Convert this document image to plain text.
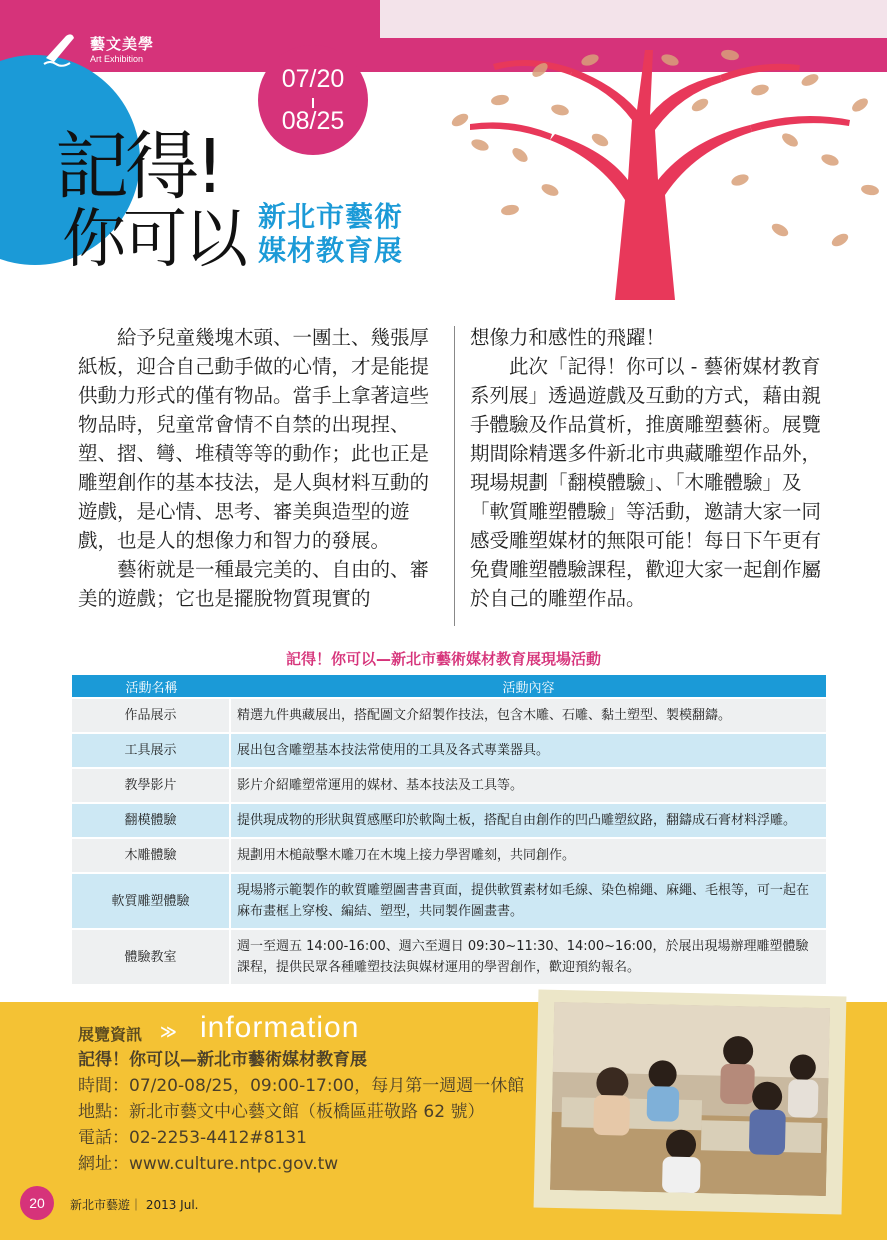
藝文美學
Art Exhibition
07/20
08/25
記得!
你可以 新北市藝術
媒材教育展

給予兒童幾塊木頭、一團土、幾張厚紙板，迎合自己動手做的心情，才是能提供動力形式的僅有物品。當手上拿著這些物品時，兒童常會情不自禁的出現捏、塑、摺、彎、堆積等等的動作；此也正是雕塑創作的基本技法，是人與材料互動的遊戲，是心情、思考、審美與造型的遊戲，也是人的想像力和智力的發展。

藝術就是一種最完美的、自由的、審美的遊戲；它也是擺脫物質現實的

想像力和感性的飛躍！

此次「記得！你可以 - 藝術媒材教育系列展」透過遊戲及互動的方式，藉由親手體驗及作品賞析，推廣雕塑藝術。展覽期間除精選多件新北市典藏雕塑作品外，現場規劃「翻模體驗」、「木雕體驗」及「軟質雕塑體驗」等活動，邀請大家一同感受雕塑媒材的無限可能！每日下午更有免費雕塑體驗課程，歡迎大家一起創作屬於自己的雕塑作品。

記得！你可以—新北市藝術媒材教育展現場活動
活動名稱	活動內容
作品展示	精選九件典藏展出，搭配圖文介紹製作技法，包含木雕、石雕、黏土塑型、製模翻鑄。
工具展示	展出包含雕塑基本技法常使用的工具及各式專業器具。
教學影片	影片介紹雕塑常運用的媒材、基本技法及工具等。
翻模體驗	提供現成物的形狀與質感壓印於軟陶土板，搭配自由創作的凹凸雕塑紋路，翻鑄成石膏材料浮雕。
木雕體驗	規劃用木槌敲擊木雕刀在木塊上接力學習雕刻，共同創作。
軟質雕塑體驗	現場將示範製作的軟質雕塑圖書書頁面，提供軟質素材如毛線、染色棉繩、麻繩、毛根等，可一起在麻布畫框上穿梭、編結、塑型，共同製作圖畫書。
體驗教室	週一至週五 14:00-16:00、週六至週日 09:30~11:30、14:00~16:00，於展出現場辦理雕塑體驗課程，提供民眾各種雕塑技法與媒材運用的學習創作，歡迎預約報名。
展覽資訊 ≫ information
記得！你可以—新北市藝術媒材教育展
時間：07/20-08/25，09:00-17:00，每月第一週週一休館
地點：新北市藝文中心藝文館（板橋區莊敬路 62 號）
電話：02-2253-4412#8131
網址：www.culture.ntpc.gov.tw
20	新北市藝遊｜ 2013 Jul.
